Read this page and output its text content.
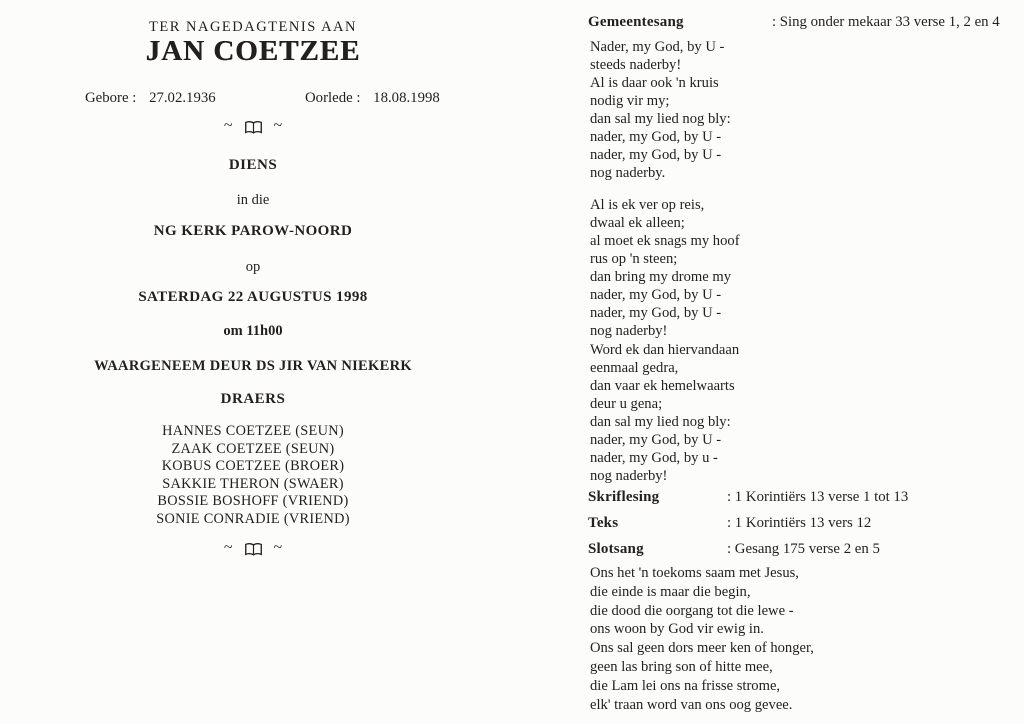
TER NAGEDAGTENIS AAN
JAN COETZEE
Gebore : 27.02.1936	Oorlede : 18.08.1998
~	~
DIENS
in die
NG KERK PAROW-NOORD
op
SATERDAG 22 AUGUSTUS 1998
om 11h00
WAARGENEEM DEUR DS JIR VAN NIEKERK
DRAERS
HANNES COETZEE (SEUN)
ZAAK COETZEE (SEUN)
KOBUS COETZEE (BROER)
SAKKIE THERON (SWAER)
BOSSIE BOSHOFF (VRIEND)
SONIE CONRADIE (VRIEND)
~	~
Gemeentesang	: Sing onder mekaar 33 verse 1, 2 en 4
Nader, my God, by U -
steeds naderby!
Al is daar ook 'n kruis
nodig vir my;
dan sal my lied nog bly:
nader, my God, by U -
nader, my God, by U -
nog naderby.
Al is ek ver op reis,
dwaal ek alleen;
al moet ek snags my hoof
rus op 'n steen;
dan bring my drome my
nader, my God, by U -
nader, my God, by U -
nog naderby!
Word ek dan hiervandaan
eenmaal gedra,
dan vaar ek hemelwaarts
deur u gena;
dan sal my lied nog bly:
nader, my God, by U -
nader, my God, by u -
nog naderby!
Skriflesing	: 1 Korintiërs 13 verse 1 tot 13
Teks	: 1 Korintiërs 13 vers 12
Slotsang	: Gesang 175 verse 2 en 5
Ons het 'n toekoms saam met Jesus,
die einde is maar die begin,
die dood die oorgang tot die lewe -
ons woon by God vir ewig in.
Ons sal geen dors meer ken of honger,
geen las bring son of hitte mee,
die Lam lei ons na frisse strome,
elk' traan word van ons oog gevee.
